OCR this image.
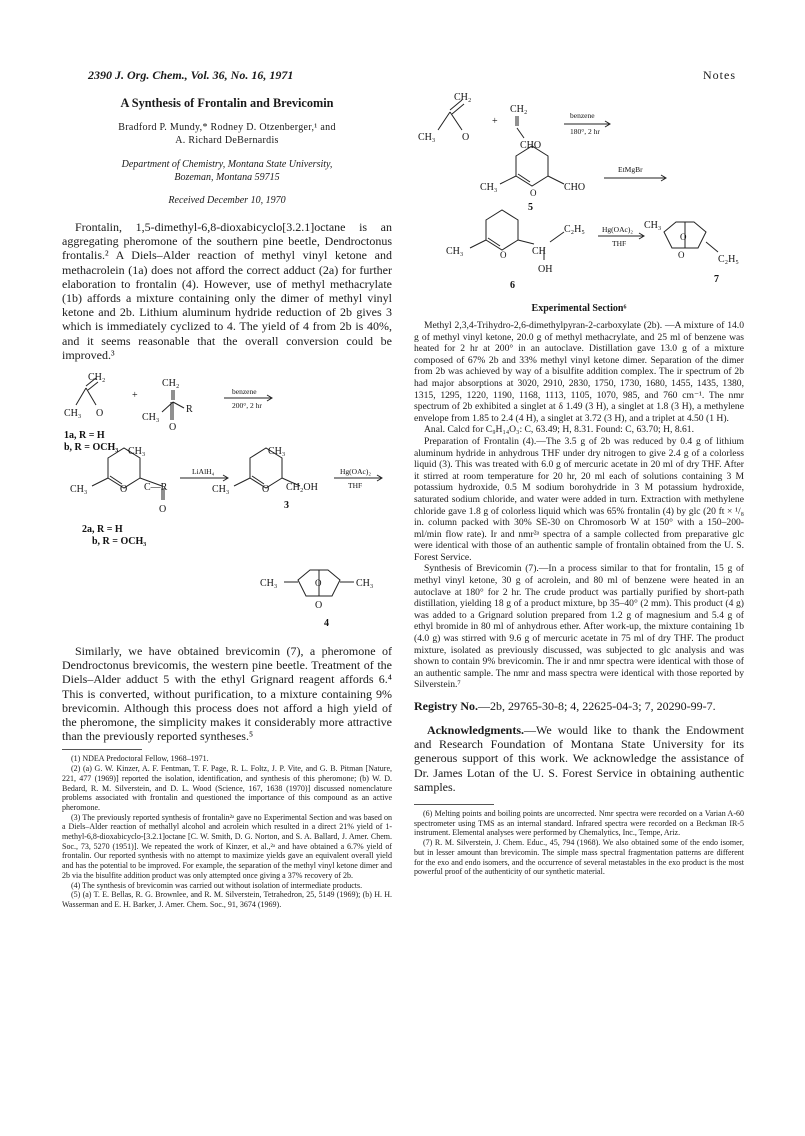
2390 J. Org. Chem., Vol. 36, No. 16, 1971	Notes
A Synthesis of Frontalin and Brevicomin
Bradford P. Mundy,* Rodney D. Otzenberger,¹ and
A. Richard DeBernardis
Department of Chemistry, Montana State University,
Bozeman, Montana 59715
Received December 10, 1970

Frontalin, 1,5-dimethyl-6,8-dioxabicyclo[3.2.1]octane is an aggregating pheromone of the southern pine beetle, Dendroctonus frontalis.² A Diels–Alder reaction of methyl vinyl ketone and methacrolein (1a) does not afford the correct adduct (2a) for further elaboration to frontalin (4). However, use of methyl methacrylate (1b) affords a mixture containing only the dimer of methyl vinyl ketone and 2b. Lithium aluminum hydride reduction of 2b gives 3 which is immediately cyclized to 4. The yield of 4 from 2b is 40%, and it seems reasonable that the overall conversion could be improved.³

CH₂
CH₃ O
+
CH₂
CH₃
R
O
1a, R = H
b, R = OCH₃ CH₃
O
CH₃	C—R
O
CH₃
O
CH₃	CH₂OH
3
2a, R = H
b, R = OCH₃
CH₃	CH₃
O
O
4
benzene
200°, 2 hr
LiAlH₄	Hg(OAc)₂
THF

Similarly, we have obtained brevicomin (7), a pheromone of Dendroctonus brevicomis, the western pine beetle. Treatment of the Diels–Alder adduct 5 with the ethyl Grignard reagent affords 6.⁴ This is converted, without purification, to a mixture containing 9% brevicomin. Although this process does not afford a high yield of the pheromone, the simplicity makes it considerably more attractive than the previously reported syntheses.⁵

(1) NDEA Predoctoral Fellow, 1968–1971.

(2) (a) G. W. Kinzer, A. F. Fentman, T. F. Page, R. L. Foltz, J. P. Vite, and G. B. Pitman [Nature, 221, 477 (1969)] reported the isolation, identification, and synthesis of this pheromone; (b) W. D. Bedard, R. M. Silverstein, and D. L. Wood (Science, 167, 1638 (1970)] discussed nomenclature problems associated with frontalin and questioned the importance of this compound as an active pheromone.

(3) The previously reported synthesis of frontalin²ᵃ gave no Experimental Section and was based on a Diels–Alder reaction of methallyl alcohol and acrolein which resulted in a direct 21% yield of 1-methyl-6,8-dioxabicyclo-[3.2.1]octane [C. W. Smith, D. G. Norton, and S. A. Ballard, J. Amer. Chem. Soc., 73, 5270 (1951)]. We repeated the work of Kinzer, et al.,²ᵃ and have obtained a 6.7% yield of frontalin. Our reported synthesis with no attempt to maximize yields gave an equivalent overall yield and has the potential to be improved. For example, the separation of the methyl vinyl ketone dimer and 2b via the bisulfite addition product was only attempted once giving a 37% recovery of 2b.

(4) The synthesis of brevicomin was carried out without isolation of intermediate products.

(5) (a) T. E. Bellas, R. G. Brownlee, and R. M. Silverstein, Tetrahedron, 25, 5149 (1969); (b) H. H. Wasserman and E. H. Barker, J. Amer. Chem. Soc., 91, 3674 (1969).

CH₂
CH₃	O
+
CH₂
CHO
O
CH₃	CHO
5
O
CH₃	CH
C₂H₅
OH
6
CH₃
O
O
C₂H₅
7
benzene
180°, 2 hr
EtMgBr
Hg(OAc)₂
THF
Experimental Section⁶

Methyl 2,3,4-Trihydro-2,6-dimethylpyran-2-carboxylate (2b). —A mixture of 14.0 g of methyl vinyl ketone, 20.0 g of methyl methacrylate, and 25 ml of benzene was heated for 2 hr at 200° in an autoclave. Distillation gave 13.0 g of a mixture composed of 67% 2b and 33% methyl vinyl ketone dimer. Separation of the dimer from 2b was achieved by way of a bisulfite addition complex. The ir spectrum of 2b had major absorptions at 3020, 2910, 2830, 1750, 1730, 1680, 1455, 1435, 1380, 1315, 1295, 1220, 1190, 1168, 1113, 1105, 1070, 985, and 760 cm⁻¹. The nmr spectrum of 2b exhibited a singlet at δ 1.49 (3 H), a singlet at 1.8 (3 H), a methylene envelope from 1.85 to 2.4 (4 H), a singlet at 3.72 (3 H), and a triplet at 4.50 (1 H).

Anal. Calcd for C₉H₁₄O₃: C, 63.49; H, 8.31. Found: C, 63.70; H, 8.61.

Preparation of Frontalin (4).—The 3.5 g of 2b was reduced by 0.4 g of lithium aluminum hydride in anhydrous THF under dry nitrogen to give 2.4 g of a colorless liquid (3). This was treated with 6.0 g of mercuric acetate in 20 ml of dry THF. After it stirred at room temperature for 20 hr, 20 ml each of solutions containing 3 M potassium hydroxide, 0.5 M sodium borohydride in 3 M potassium hydroxide, saturated sodium chloride, and water were added in turn. Extraction with methylene chloride gave 1.8 g of colorless liquid which was 65% frontalin (4) by glc (20 ft × ¹/₈ in. column packed with 30% SE-30 on Chromosorb W at 150° with a 150–200-ml/min flow rate). Ir and nmr²ᵃ spectra of a sample collected from preparative glc were identical with those of an authentic sample of frontalin obtained from the U. S. Forest Service.

Synthesis of Brevicomin (7).—In a process similar to that for frontalin, 15 g of methyl vinyl ketone, 30 g of acrolein, and 80 ml of benzene were heated in an autoclave at 180° for 2 hr. The crude product was partially purified by short-path distillation, yielding 18 g of a product mixture, bp 35–40° (2 mm). This product (4 g) was added to a Grignard solution prepared from 1.2 g of magnesium and 5.4 g of ethyl bromide in 80 ml of anhydrous ether. After work-up, the mixture containing 1b (4.0 g) was stirred with 9.6 g of mercuric acetate in 75 ml of dry THF. The product mixture, isolated as previously discussed, was subjected to glc analysis and was shown to contain 9% brevicomin. The ir and nmr spectra were identical with those of an authentic sample. The nmr and mass spectra were identical with those reported by Silverstein.⁷

Registry No.—2b, 29765-30-8; 4, 22625-04-3; 7, 20290-99-7.

Acknowledgments.—We would like to thank the Endowment and Research Foundation of Montana State University for its generous support of this work. We acknowledge the assistance of Dr. James Lotan of the U. S. Forest Service in obtaining authentic samples.

(6) Melting points and boiling points are uncorrected. Nmr spectra were recorded on a Varian A-60 spectrometer using TMS as an internal standard. Infrared spectra were recorded on a Beckman IR-5 instrument. Elemental analyses were performed by Chemalytics, Inc., Tempe, Ariz.

(7) R. M. Silverstein, J. Chem. Educ., 45, 794 (1968). We also obtained some of the endo isomer, but in lesser amount than brevicomin. The simple mass spectral fragmentation patterns are different for the exo and endo isomers, and the occurrence of several metastables in the exo product is the most powerful proof of the authenticity of our synthetic material.
